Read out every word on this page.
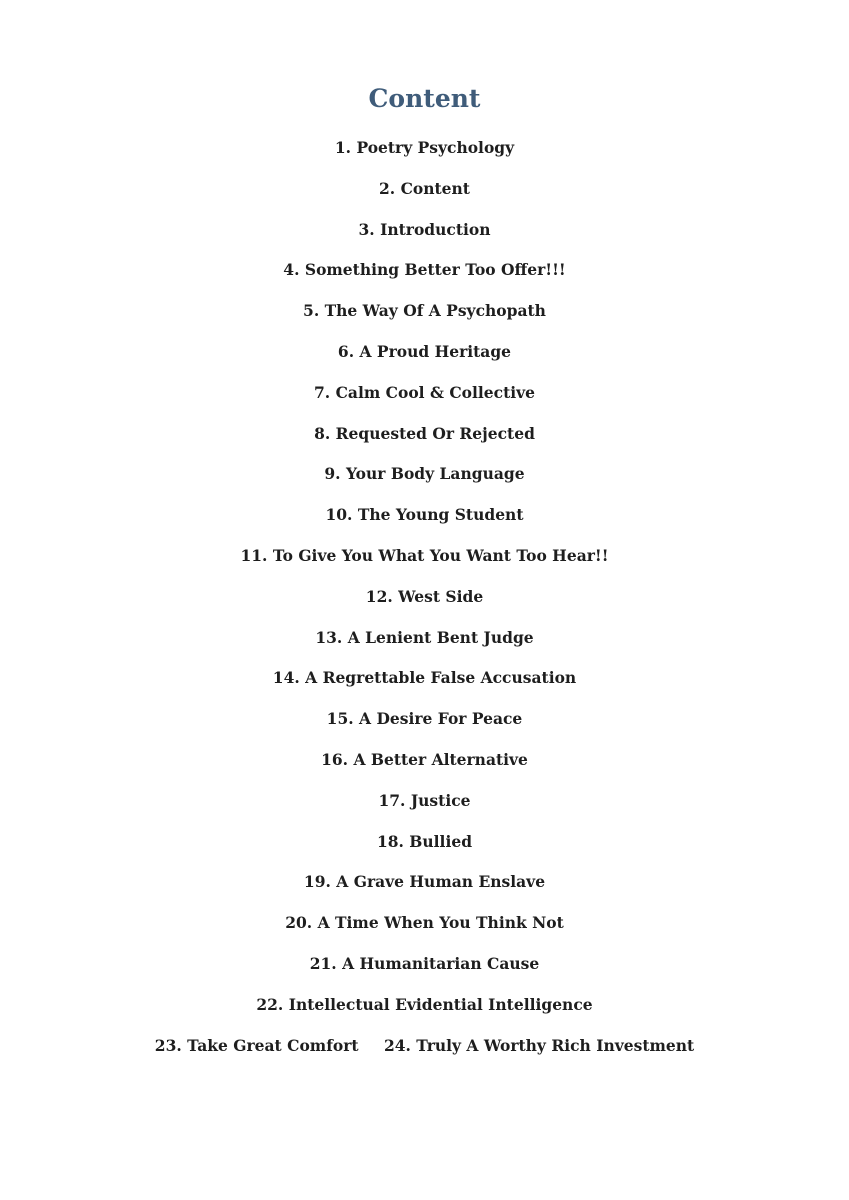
Content
1. Poetry Psychology
2. Content
3. Introduction
4. Something Better Too Offer!!!
5. The Way Of A Psychopath
6. A Proud Heritage
7. Calm Cool & Collective
8. Requested Or Rejected
9. Your Body Language
10. The Young Student
11. To Give You What You Want Too Hear!!
12. West Side
13. A Lenient Bent Judge
14. A Regrettable False Accusation
15. A Desire For Peace
16. A Better Alternative
17. Justice
18. Bullied
19. A Grave Human Enslave
20. A Time When You Think Not
21. A Humanitarian Cause
22. Intellectual Evidential Intelligence
23. Take Great Comfort 24. Truly A Worthy Rich Investment
